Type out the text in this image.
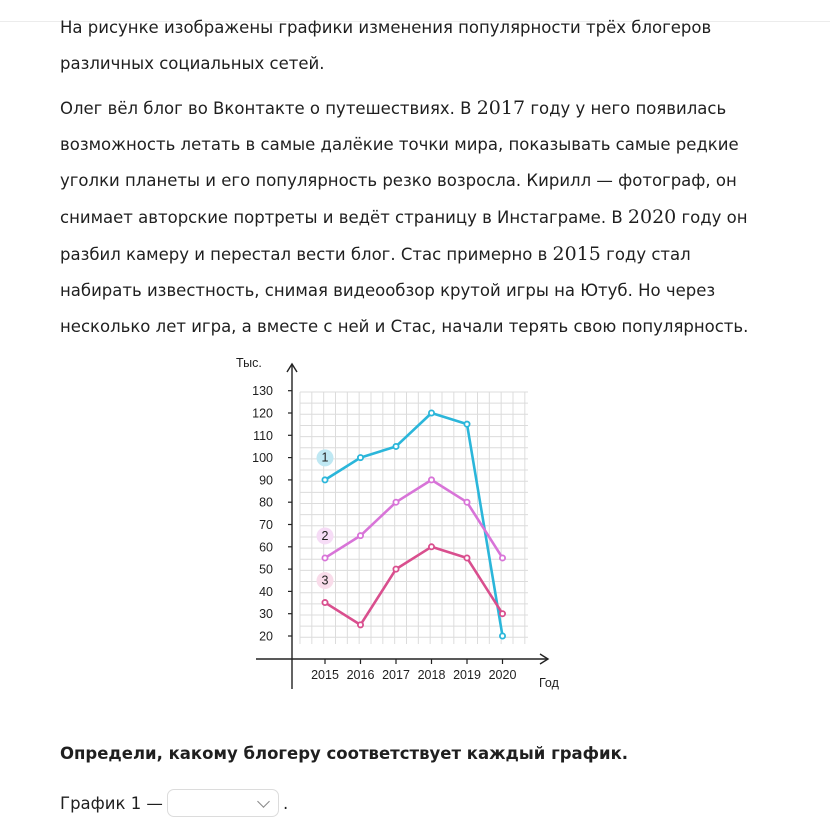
На рисунке изображены графики изменения популярности трёх блогеров различных социальных сетей.

Олег вёл блог во Вконтакте о путешествиях. В 2017 году у него появилась возможность летать в самые далёкие точки мира, показывать самые редкие уголки планеты и его популярность резко возросла. Кирилл — фотограф, он снимает авторские портреты и ведёт страницу в Инстаграме. В 2020 году он разбил камеру и перестал вести блог. Стас примерно в 2015 году стал набирать известность, снимая видеообзор крутой игры на Ютуб. Но через несколько лет игра, а вместе с ней и Стас, начали терять свою популярность.

20
30
40
50
60
70
80
90
100
110
120
130
2015 2016 2017 2018 2019 2020
1
2
3
Тыс.
Год
Определи, какому блогеру соответствует каждый график.
График 1 —	.
